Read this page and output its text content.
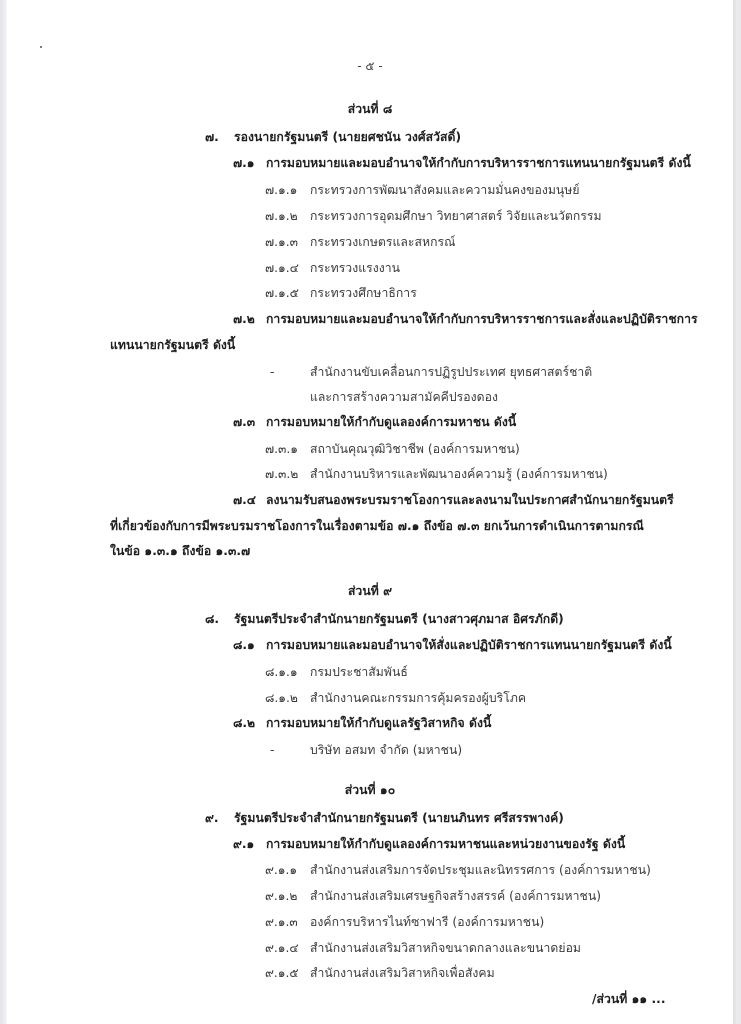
- ๕ -
ส่วนที่ ๘
๗. รองนายกรัฐมนตรี (นายยศชนัน วงศ์สวัสดิ์)
๗.๑ การมอบหมายและมอบอำนาจให้กำกับการบริหารราชการแทนนายกรัฐมนตรี ดังนี้
๗.๑.๑ กระทรวงการพัฒนาสังคมและความมั่นคงของมนุษย์
๗.๑.๒ กระทรวงการอุดมศึกษา วิทยาศาสตร์ วิจัยและนวัตกรรม
๗.๑.๓ กระทรวงเกษตรและสหกรณ์
๗.๑.๔ กระทรวงแรงงาน
๗.๑.๕ กระทรวงศึกษาธิการ
๗.๒ การมอบหมายและมอบอำนาจให้กำกับการบริหารราชการและสั่งและปฏิบัติราชการ
แทนนายกรัฐมนตรี ดังนี้
-	สำนักงานขับเคลื่อนการปฏิรูปประเทศ ยุทธศาสตร์ชาติ
และการสร้างความสามัคคีปรองดอง
๗.๓ การมอบหมายให้กำกับดูแลองค์การมหาชน ดังนี้
๗.๓.๑ สถาบันคุณวุฒิวิชาชีพ (องค์การมหาชน)
๗.๓.๒ สำนักงานบริหารและพัฒนาองค์ความรู้ (องค์การมหาชน)
๗.๔ ลงนามรับสนองพระบรมราชโองการและลงนามในประกาศสำนักนายกรัฐมนตรี
ที่เกี่ยวข้องกับการมีพระบรมราชโองการในเรื่องตามข้อ ๗.๑ ถึงข้อ ๗.๓ ยกเว้นการดำเนินการตามกรณี
ในข้อ ๑.๓.๑ ถึงข้อ ๑.๓.๗
ส่วนที่ ๙
๘. รัฐมนตรีประจำสำนักนายกรัฐมนตรี (นางสาวศุภมาส อิศรภักดี)
๘.๑ การมอบหมายและมอบอำนาจให้สั่งและปฏิบัติราชการแทนนายกรัฐมนตรี ดังนี้
๘.๑.๑ กรมประชาสัมพันธ์
๘.๑.๒ สำนักงานคณะกรรมการคุ้มครองผู้บริโภค
๘.๒ การมอบหมายให้กำกับดูแลรัฐวิสาหกิจ ดังนี้
-	บริษัท อสมท จำกัด (มหาชน)
ส่วนที่ ๑๐
๙. รัฐมนตรีประจำสำนักนายกรัฐมนตรี (นายนภินทร ศรีสรรพางค์)
๙.๑ การมอบหมายให้กำกับดูแลองค์การมหาชนและหน่วยงานของรัฐ ดังนี้
๙.๑.๑ สำนักงานส่งเสริมการจัดประชุมและนิทรรศการ (องค์การมหาชน)
๙.๑.๒ สำนักงานส่งเสริมเศรษฐกิจสร้างสรรค์ (องค์การมหาชน)
๙.๑.๓ องค์การบริหารไนท์ซาฟารี (องค์การมหาชน)
๙.๑.๔ สำนักงานส่งเสริมวิสาหกิจขนาดกลางและขนาดย่อม
๙.๑.๕ สำนักงานส่งเสริมวิสาหกิจเพื่อสังคม
/ส่วนที่ ๑๑ ...
